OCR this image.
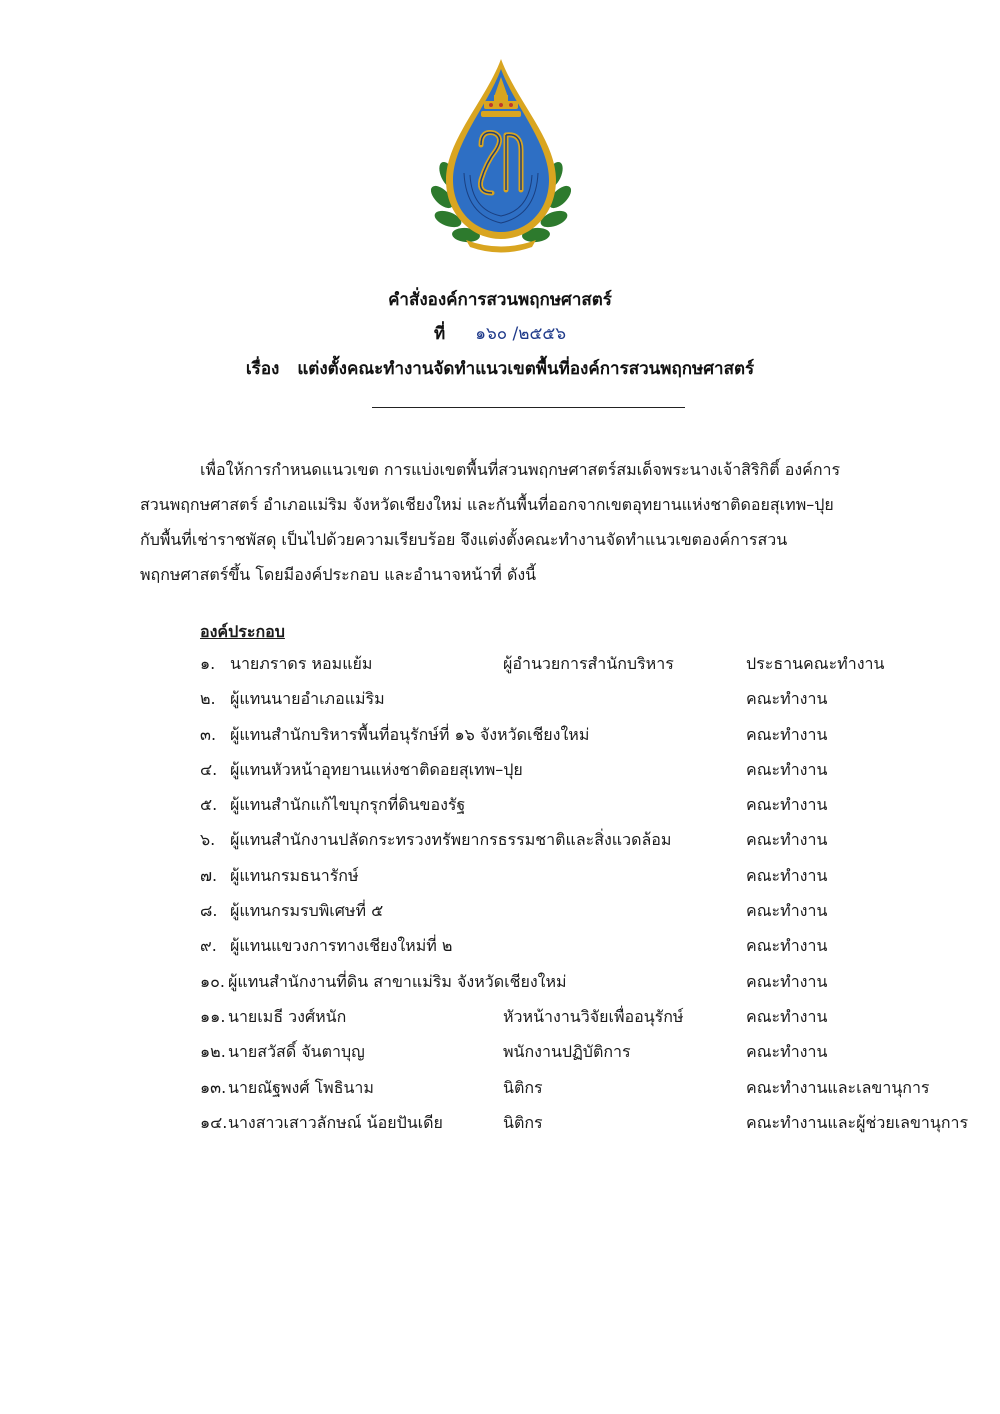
คำสั่งองค์การสวนพฤกษศาสตร์
ที่ ๑๖๐ /๒๕๕๖
เรื่อง แต่งตั้งคณะทำงานจัดทำแนวเขตพื้นที่องค์การสวนพฤกษศาสตร์
เพื่อให้การกำหนดแนวเขต การแบ่งเขตพื้นที่สวนพฤกษศาสตร์สมเด็จพระนางเจ้าสิริกิติ์ องค์การ
สวนพฤกษศาสตร์ อำเภอแม่ริม จังหวัดเชียงใหม่ และกันพื้นที่ออกจากเขตอุทยานแห่งชาติดอยสุเทพ–ปุย
กับพื้นที่เช่าราชพัสดุ เป็นไปด้วยความเรียบร้อย จึงแต่งตั้งคณะทำงานจัดทำแนวเขตองค์การสวน
พฤกษศาสตร์ขึ้น โดยมีองค์ประกอบ และอำนาจหน้าที่ ดังนี้
องค์ประกอบ
๑. นายภราดร หอมแย้ม	ผู้อำนวยการสำนักบริหาร	ประธานคณะทำงาน
๒. ผู้แทนนายอำเภอแม่ริม	คณะทำงาน
๓. ผู้แทนสำนักบริหารพื้นที่อนุรักษ์ที่ ๑๖ จังหวัดเชียงใหม่	คณะทำงาน
๔. ผู้แทนหัวหน้าอุทยานแห่งชาติดอยสุเทพ–ปุย	คณะทำงาน
๕. ผู้แทนสำนักแก้ไขบุกรุกที่ดินของรัฐ	คณะทำงาน
๖. ผู้แทนสำนักงานปลัดกระทรวงทรัพยากรธรรมชาติและสิ่งแวดล้อม	คณะทำงาน
๗. ผู้แทนกรมธนารักษ์	คณะทำงาน
๘. ผู้แทนกรมรบพิเศษที่ ๕	คณะทำงาน
๙. ผู้แทนแขวงการทางเชียงใหม่ที่ ๒	คณะทำงาน
๑๐. ผู้แทนสำนักงานที่ดิน สาขาแม่ริม จังหวัดเชียงใหม่	คณะทำงาน
๑๑. นายเมธี วงศ์หนัก	หัวหน้างานวิจัยเพื่ออนุรักษ์	คณะทำงาน
๑๒. นายสวัสดิ์ จันตาบุญ	พนักงานปฏิบัติการ	คณะทำงาน
๑๓. นายณัฐพงศ์ โพธินาม	นิติกร	คณะทำงานและเลขานุการ
๑๔. นางสาวเสาวลักษณ์ น้อยปันเดีย	นิติกร	คณะทำงานและผู้ช่วยเลขานุการ
